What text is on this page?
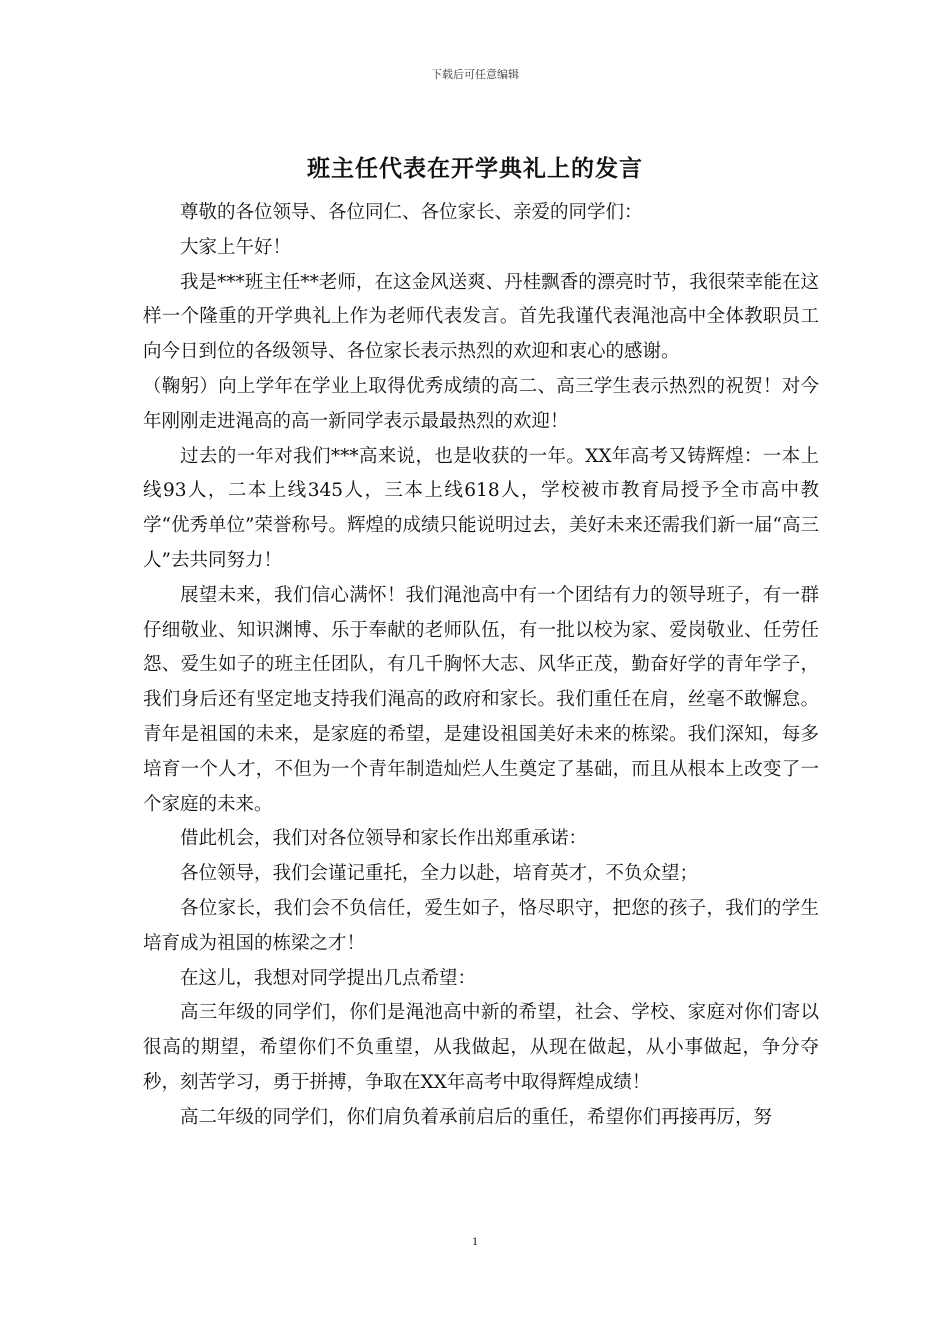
下载后可任意编辑
班主任代表在开学典礼上的发言

尊敬的各位领导、各位同仁、各位家长、亲爱的同学们：

大家上午好！

我是***班主任**老师，在这金风送爽、丹桂飘香的漂亮时节，我很荣幸能在这样一个隆重的开学典礼上作为老师代表发言。首先我谨代表渑池高中全体教职员工向今日到位的各级领导、各位家长表示热烈的欢迎和衷心的感谢。

（鞠躬）向上学年在学业上取得优秀成绩的高二、高三学生表示热烈的祝贺！对今年刚刚走进渑高的高一新同学表示最最热烈的欢迎！

过去的一年对我们***高来说，也是收获的一年。XX年高考又铸辉煌：一本上线93人，二本上线345人，三本上线618人，学校被市教育局授予全市高中教学“优秀单位”荣誉称号。辉煌的成绩只能说明过去，美好未来还需我们新一届“高三人”去共同努力！

展望未来，我们信心满怀！我们渑池高中有一个团结有力的领导班子，有一群仔细敬业、知识渊博、乐于奉献的老师队伍，有一批以校为家、爱岗敬业、任劳任怨、爱生如子的班主任团队，有几千胸怀大志、风华正茂，勤奋好学的青年学子，我们身后还有坚定地支持我们渑高的政府和家长。我们重任在肩，丝毫不敢懈怠。青年是祖国的未来，是家庭的希望，是建设祖国美好未来的栋梁。我们深知，每多培育一个人才，不但为一个青年制造灿烂人生奠定了基础，而且从根本上改变了一个家庭的未来。

借此机会，我们对各位领导和家长作出郑重承诺：

各位领导，我们会谨记重托，全力以赴，培育英才，不负众望；

各位家长，我们会不负信任，爱生如子，恪尽职守，把您的孩子，我们的学生培育成为祖国的栋梁之才！

在这儿，我想对同学提出几点希望：

高三年级的同学们，你们是渑池高中新的希望，社会、学校、家庭对你们寄以很高的期望，希望你们不负重望，从我做起，从现在做起，从小事做起，争分夺秒，刻苦学习，勇于拼搏，争取在XX年高考中取得辉煌成绩！

高二年级的同学们，你们肩负着承前启后的重任，希望你们再接再厉，努

1
